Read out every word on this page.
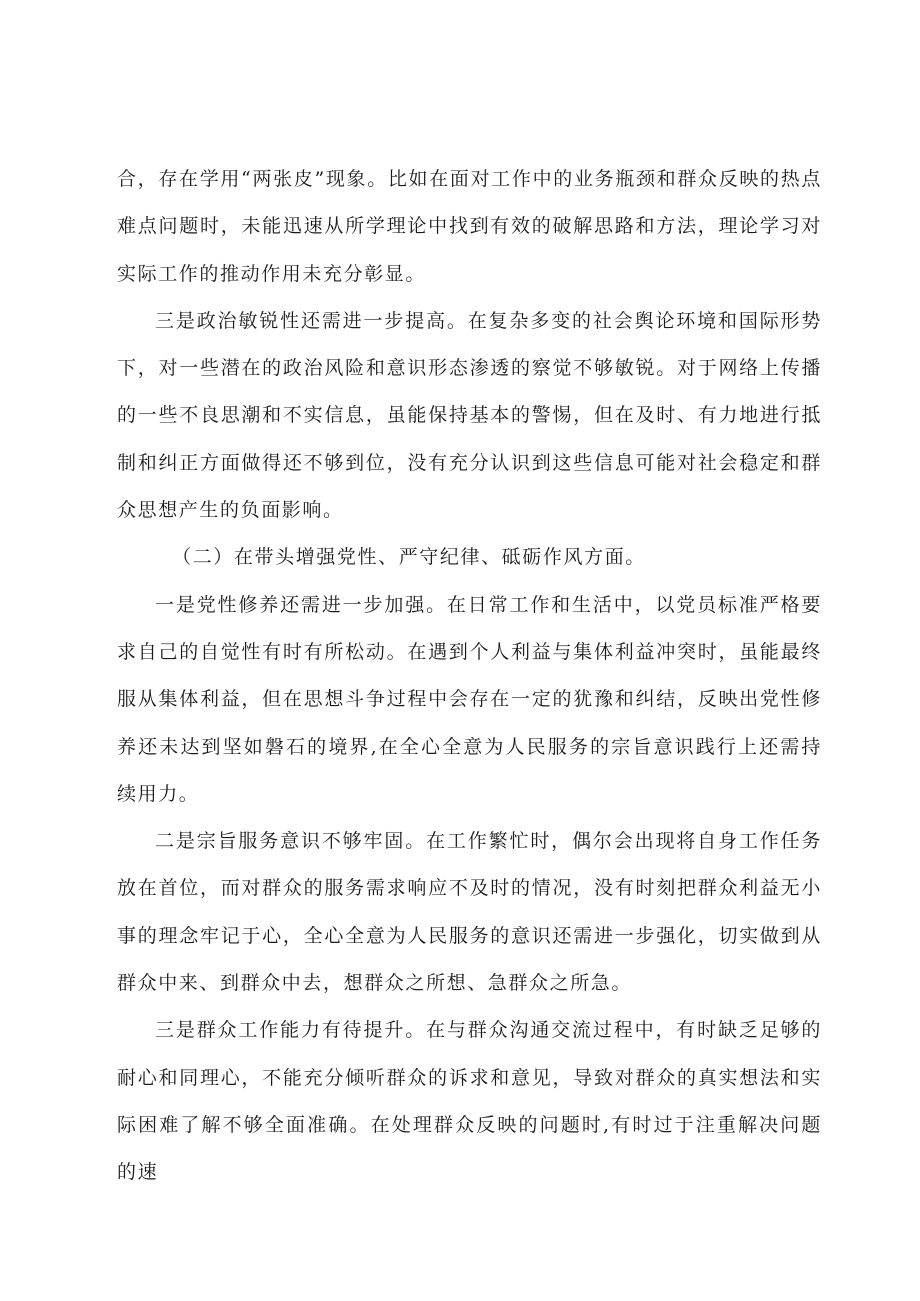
合，存在学用“两张皮”现象。比如在面对工作中的业务瓶颈和群众反映的热点难点问题时，未能迅速从所学理论中找到有效的破解思路和方法，理论学习对实际工作的推动作用未充分彰显。

三是政治敏锐性还需进一步提高。在复杂多变的社会舆论环境和国际形势下，对一些潜在的政治风险和意识形态渗透的察觉不够敏锐。对于网络上传播的一些不良思潮和不实信息，虽能保持基本的警惕，但在及时、有力地进行抵制和纠正方面做得还不够到位，没有充分认识到这些信息可能对社会稳定和群众思想产生的负面影响。

（二）在带头增强党性、严守纪律、砥砺作风方面。

一是党性修养还需进一步加强。在日常工作和生活中，以党员标准严格要求自己的自觉性有时有所松动。在遇到个人利益与集体利益冲突时，虽能最终服从集体利益，但在思想斗争过程中会存在一定的犹豫和纠结，反映出党性修养还未达到坚如磐石的境界,在全心全意为人民服务的宗旨意识践行上还需持续用力。

二是宗旨服务意识不够牢固。在工作繁忙时，偶尔会出现将自身工作任务放在首位，而对群众的服务需求响应不及时的情况，没有时刻把群众利益无小事的理念牢记于心，全心全意为人民服务的意识还需进一步强化，切实做到从群众中来、到群众中去，想群众之所想、急群众之所急。

三是群众工作能力有待提升。在与群众沟通交流过程中，有时缺乏足够的耐心和同理心，不能充分倾听群众的诉求和意见，导致对群众的真实想法和实际困难了解不够全面准确。在处理群众反映的问题时,有时过于注重解决问题的速
